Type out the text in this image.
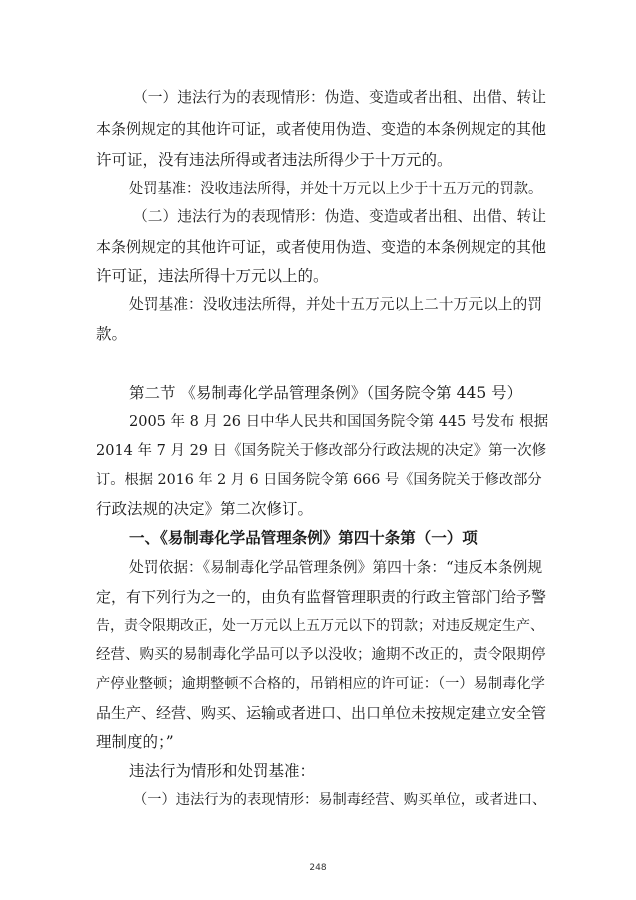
（一）违法行为的表现情形：伪造、变造或者出租、出借、转让
本条例规定的其他许可证，或者使用伪造、变造的本条例规定的其他
许可证，没有违法所得或者违法所得少于十万元的。
处罚基准：没收违法所得，并处十万元以上少于十五万元的罚款。
（二）违法行为的表现情形：伪造、变造或者出租、出借、转让
本条例规定的其他许可证，或者使用伪造、变造的本条例规定的其他
许可证，违法所得十万元以上的。
处罚基准：没收违法所得，并处十五万元以上二十万元以上的罚
款。
第二节 《易制毒化学品管理条例》（国务院令第 445 号）
2005 年 8 月 26 日中华人民共和国国务院令第 445 号发布 根据
2014 年 7 月 29 日《国务院关于修改部分行政法规的决定》第一次修
订。根据 2016 年 2 月 6 日国务院令第 666 号《国务院关于修改部分
行政法规的决定》第二次修订。
一、《易制毒化学品管理条例》第四十条第（一）项
处罚依据：《易制毒化学品管理条例》第四十条：“违反本条例规
定，有下列行为之一的，由负有监督管理职责的行政主管部门给予警
告，责令限期改正，处一万元以上五万元以下的罚款；对违反规定生产、
经营、购买的易制毒化学品可以予以没收；逾期不改正的，责令限期停
产停业整顿；逾期整顿不合格的，吊销相应的许可证：（一）易制毒化学
品生产、经营、购买、运输或者进口、出口单位未按规定建立安全管
理制度的；”
违法行为情形和处罚基准：
（一）违法行为的表现情形：易制毒经营、购买单位，或者进口、
248
